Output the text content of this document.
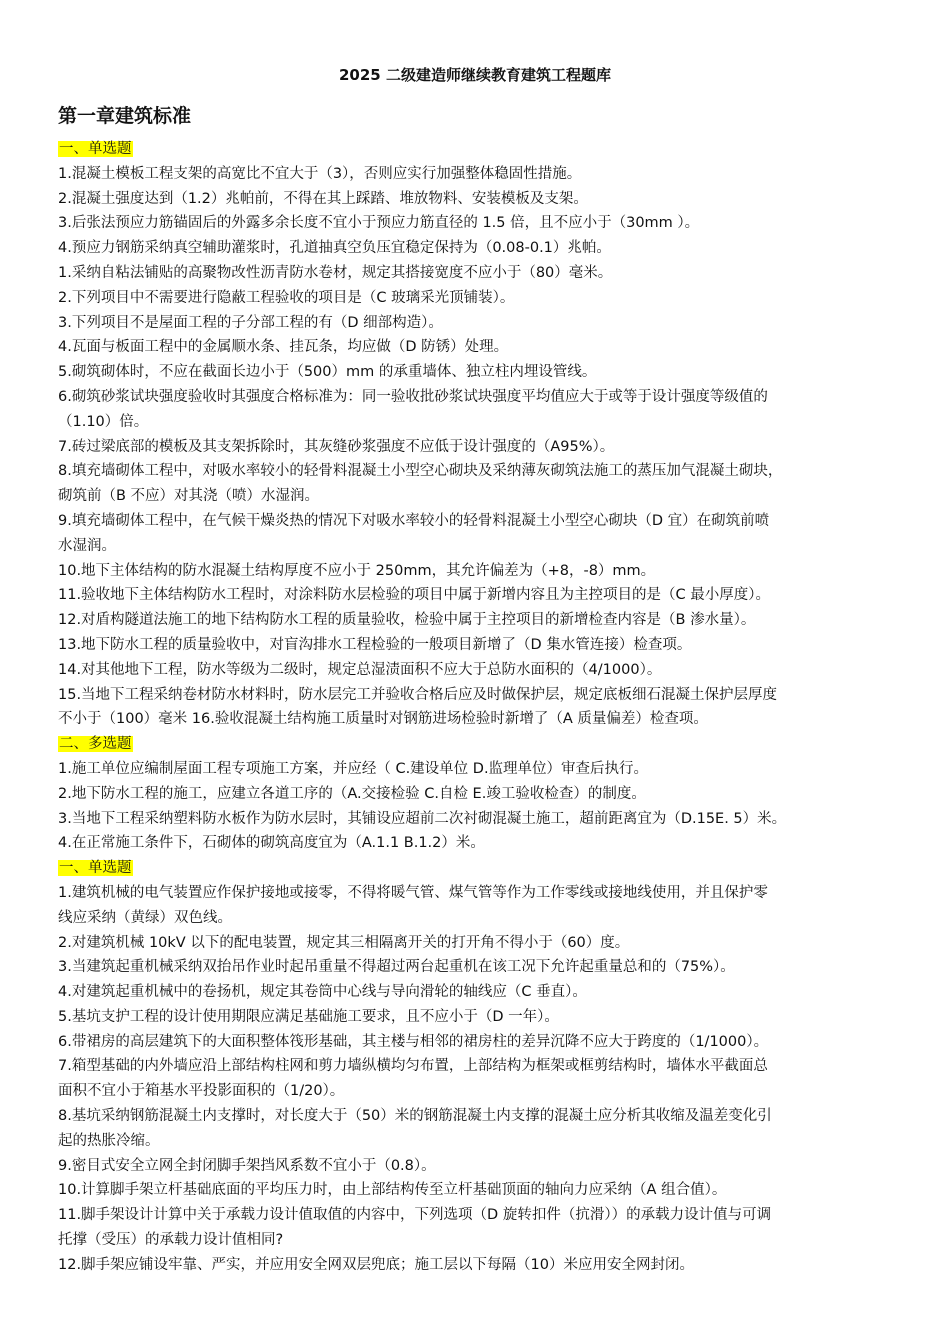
2025 二级建造师继续教育建筑工程题库
第一章建筑标准
一、单选题
1.混凝土模板工程支架的高宽比不宜大于（3），否则应实行加强整体稳固性措施。
2.混凝土强度达到（1.2）兆帕前，不得在其上踩踏、堆放物料、安装模板及支架。
3.后张法预应力筋锚固后的外露多余长度不宜小于预应力筋直径的 1.5 倍，且不应小于（30mm ）。
4.预应力钢筋采纳真空辅助灌浆时，孔道抽真空负压宜稳定保持为（0.08-0.1）兆帕。
1.采纳自粘法铺贴的高聚物改性沥青防水卷材，规定其搭接宽度不应小于（80）毫米。
2.下列项目中不需要进行隐蔽工程验收的项目是（C 玻璃采光顶铺装）。
3.下列项目不是屋面工程的子分部工程的有（D 细部构造）。
4.瓦面与板面工程中的金属顺水条、挂瓦条，均应做（D 防锈）处理。
5.砌筑砌体时，不应在截面长边小于（500）mm 的承重墙体、独立柱内埋设管线。
6.砌筑砂浆试块强度验收时其强度合格标准为：同一验收批砂浆试块强度平均值应大于或等于设计强度等级值的
（1.10）倍。
7.砖过梁底部的模板及其支架拆除时，其灰缝砂浆强度不应低于设计强度的（A95%）。
8.填充墙砌体工程中，对吸水率较小的轻骨料混凝土小型空心砌块及采纳薄灰砌筑法施工的蒸压加气混凝土砌块，
砌筑前（B 不应）对其浇（喷）水湿润。
9.填充墙砌体工程中，在气候干燥炎热的情况下对吸水率较小的轻骨料混凝土小型空心砌块（D 宜）在砌筑前喷
水湿润。
10.地下主体结构的防水混凝土结构厚度不应小于 250mm，其允许偏差为（+8，-8）mm。
11.验收地下主体结构防水工程时，对涂料防水层检验的项目中属于新增内容且为主控项目的是（C 最小厚度）。
12.对盾构隧道法施工的地下结构防水工程的质量验收，检验中属于主控项目的新增检查内容是（B 渗水量）。
13.地下防水工程的质量验收中，对盲沟排水工程检验的一般项目新增了（D 集水管连接）检查项。
14.对其他地下工程，防水等级为二级时，规定总湿渍面积不应大于总防水面积的（4/1000）。
15.当地下工程采纳卷材防水材料时，防水层完工并验收合格后应及时做保护层，规定底板细石混凝土保护层厚度
不小于（100）毫米 16.验收混凝土结构施工质量时对钢筋进场检验时新增了（A 质量偏差）检查项。
二、多选题
1.施工单位应编制屋面工程专项施工方案，并应经（ C.建设单位 D.监理单位）审查后执行。
2.地下防水工程的施工，应建立各道工序的（A.交接检验 C.自检 E.竣工验收检查）的制度。
3.当地下工程采纳塑料防水板作为防水层时，其铺设应超前二次衬砌混凝土施工，超前距离宜为（D.15E. 5）米。
4.在正常施工条件下，石砌体的砌筑高度宜为（A.1.1 B.1.2）米。
一、单选题
1.建筑机械的电气装置应作保护接地或接零，不得将暖气管、煤气管等作为工作零线或接地线使用，并且保护零
线应采纳（黄绿）双色线。
2.对建筑机械 10kV 以下的配电装置，规定其三相隔离开关的打开角不得小于（60）度。
3.当建筑起重机械采纳双抬吊作业时起吊重量不得超过两台起重机在该工况下允许起重量总和的（75%）。
4.对建筑起重机械中的卷扬机，规定其卷筒中心线与导向滑轮的轴线应（C 垂直）。
5.基坑支护工程的设计使用期限应满足基础施工要求，且不应小于（D 一年）。
6.带裙房的高层建筑下的大面积整体筏形基础，其主楼与相邻的裙房柱的差异沉降不应大于跨度的（1/1000）。
7.箱型基础的内外墙应沿上部结构柱网和剪力墙纵横均匀布置，上部结构为框架或框剪结构时，墙体水平截面总
面积不宜小于箱基水平投影面积的（1/20）。
8.基坑采纳钢筋混凝土内支撑时，对长度大于（50）米的钢筋混凝土内支撑的混凝土应分析其收缩及温差变化引
起的热胀冷缩。
9.密目式安全立网全封闭脚手架挡风系数不宜小于（0.8）。
10.计算脚手架立杆基础底面的平均压力时，由上部结构传至立杆基础顶面的轴向力应采纳（A 组合值）。
11.脚手架设计计算中关于承载力设计值取值的内容中，下列选项（D 旋转扣件（抗滑））的承载力设计值与可调
托撑（受压）的承载力设计值相同?
12.脚手架应铺设牢靠、严实，并应用安全网双层兜底；施工层以下每隔（10）米应用安全网封闭。
